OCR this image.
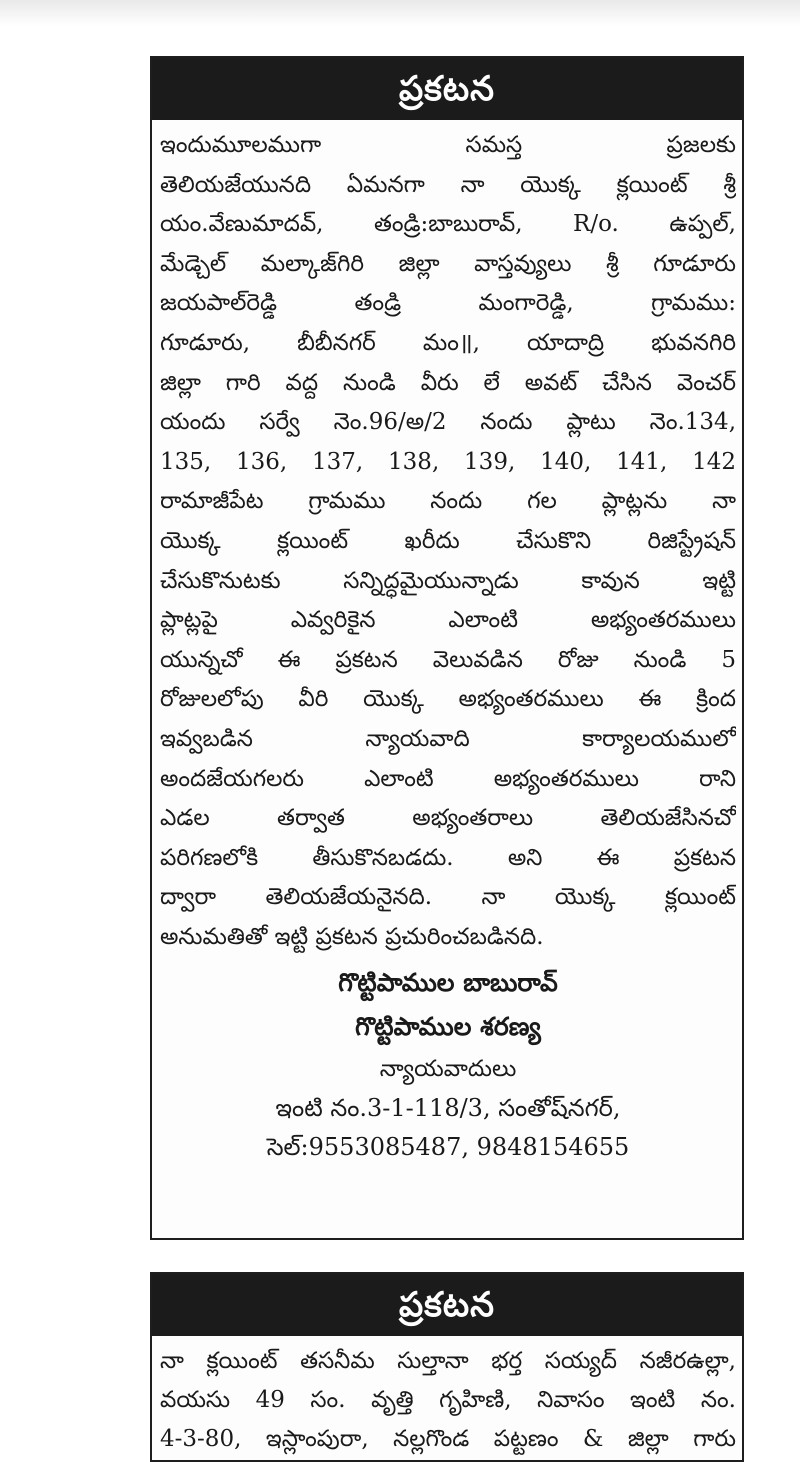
ప్రకటన
ఇందుమూలముగా సమస్త ప్రజలకు
తెలియజేయునది ఏమనగా నా యొక్క క్లయింట్ శ్రీ
యం.వేణుమాదవ్, తండ్రి:బాబురావ్, R/o. ఉప్పల్,
మేడ్చెల్ మల్కాజ్‌గిరి జిల్లా వాస్తవ్యులు శ్రీ గూడూరు
జయపాల్‌రెడ్డి తండ్రి మంగారెడ్డి, గ్రామము:
గూడూరు, బీబీనగర్ మం॥, యాదాద్రి భువనగిరి
జిల్లా గారి వద్ద నుండి వీరు లే అవట్ చేసిన వెంచర్
యందు సర్వే నెం.96/అ/2 నందు ప్లాటు నెం.134,
135, 136, 137, 138, 139, 140, 141, 142
రామాజీపేట గ్రామము నందు గల ప్లాట్లను నా
యొక్క క్లయింట్ ఖరీదు చేసుకొని రిజిస్ట్రేషన్
చేసుకొనుటకు సన్నిద్ధమైయున్నాడు కావున ఇట్టి
ప్లాట్లపై ఎవ్వరికైన ఎలాంటి అభ్యంతరములు
యున్నచో ఈ ప్రకటన వెలువడిన రోజు నుండి 5
రోజులలోపు వీరి యొక్క అభ్యంతరములు ఈ క్రింద
ఇవ్వబడిన న్యాయవాది కార్యాలయములో
అందజేయగలరు ఎలాంటి అభ్యంతరములు రాని
ఎడల తర్వాత అభ్యంతరాలు తెలియజేసినచో
పరిగణలోకి తీసుకొనబడదు. అని ఈ ప్రకటన
ద్వారా తెలియజేయనైనది. నా యొక్క క్లయింట్
అనుమతితో ఇట్టి ప్రకటన ప్రచురించబడినది.
గొట్టిపాముల బాబురావ్
గొట్టిపాముల శరణ్య
న్యాయవాదులు
ఇంటి నం.3-1-118/3, సంతోష్‌నగర్,
సెల్:9553085487, 9848154655
ప్రకటన
నా క్లయింట్ తసనీమ సుల్తానా భర్త సయ్యద్ నజీరఉల్లా,
వయసు 49 సం. వృత్తి గృహిణి, నివాసం ఇంటి నం.
4-3-80, ఇస్లాంపురా, నల్లగొండ పట్టణం & జిల్లా గారు
